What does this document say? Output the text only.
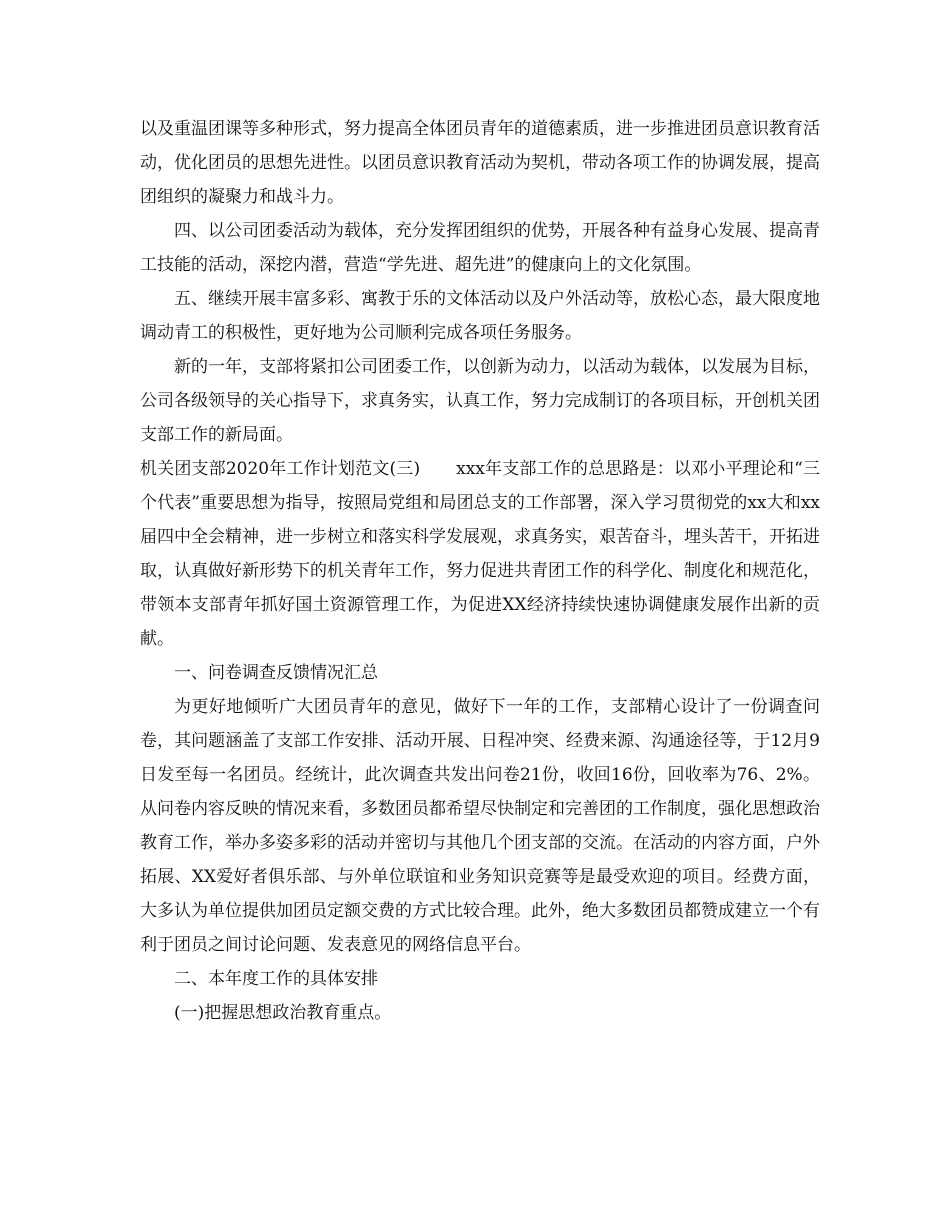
以及重温团课等多种形式，努力提高全体团员青年的道德素质，进一步推进团员意识教育活动，优化团员的思想先进性。以团员意识教育活动为契机，带动各项工作的协调发展，提高团组织的凝聚力和战斗力。

四、以公司团委活动为载体，充分发挥团组织的优势，开展各种有益身心发展、提高青工技能的活动，深挖内潜，营造“学先进、超先进”的健康向上的文化氛围。

五、继续开展丰富多彩、寓教于乐的文体活动以及户外活动等，放松心态，最大限度地调动青工的积极性，更好地为公司顺利完成各项任务服务。

新的一年，支部将紧扣公司团委工作，以创新为动力，以活动为载体，以发展为目标，公司各级领导的关心指导下，求真务实，认真工作，努力完成制订的各项目标，开创机关团支部工作的新局面。

机关团支部2020年工作计划范文(三) xxx年支部工作的总思路是：以邓小平理论和“三个代表”重要思想为指导，按照局党组和局团总支的工作部署，深入学习贯彻党的xx大和xx届四中全会精神，进一步树立和落实科学发展观，求真务实，艰苦奋斗，埋头苦干，开拓进取，认真做好新形势下的机关青年工作，努力促进共青团工作的科学化、制度化和规范化，带领本支部青年抓好国土资源管理工作，为促进XX经济持续快速协调健康发展作出新的贡献。

一、问卷调查反馈情况汇总

为更好地倾听广大团员青年的意见，做好下一年的工作，支部精心设计了一份调查问卷，其问题涵盖了支部工作安排、活动开展、日程冲突、经费来源、沟通途径等，于12月9日发至每一名团员。经统计，此次调查共发出问卷21份，收回16份，回收率为76、2%。从问卷内容反映的情况来看，多数团员都希望尽快制定和完善团的工作制度，强化思想政治教育工作，举办多姿多彩的活动并密切与其他几个团支部的交流。在活动的内容方面，户外拓展、XX爱好者俱乐部、与外单位联谊和业务知识竞赛等是最受欢迎的项目。经费方面，大多认为单位提供加团员定额交费的方式比较合理。此外，绝大多数团员都赞成建立一个有利于团员之间讨论问题、发表意见的网络信息平台。

二、本年度工作的具体安排

(一)把握思想政治教育重点。
